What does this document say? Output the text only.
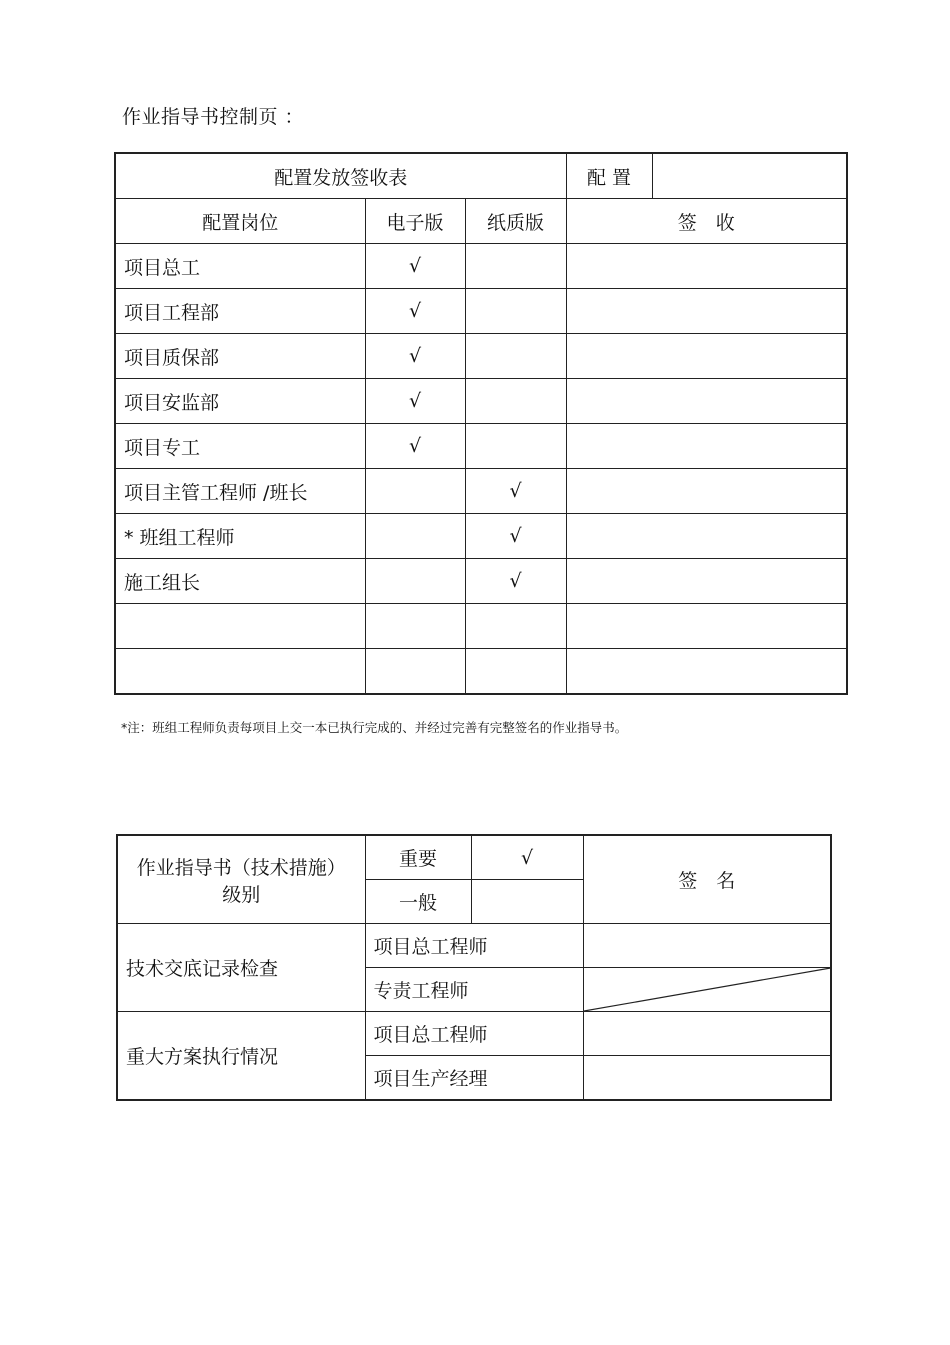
作业指导书控制页 ：
配置发放签收表			配 置	
配置岗位	电子版	纸质版	签　收	
项目总工	√			
项目工程部	√			
项目质保部	√			
项目安监部	√			
项目专工	√			
项目主管工程师 /班长		√		
* 班组工程师		√		
施工组长		√		

*注：班组工程师负责每项目上交一本已执行完成的、并经过完善有完整签名的作业指导书。
作业指导书（技术措施）级别	重要	√	签　名
	一般		
技术交底记录检查	项目总工程师		
	专责工程师	

重大方案执行情况	项目总工程师		
	项目生产经理		
